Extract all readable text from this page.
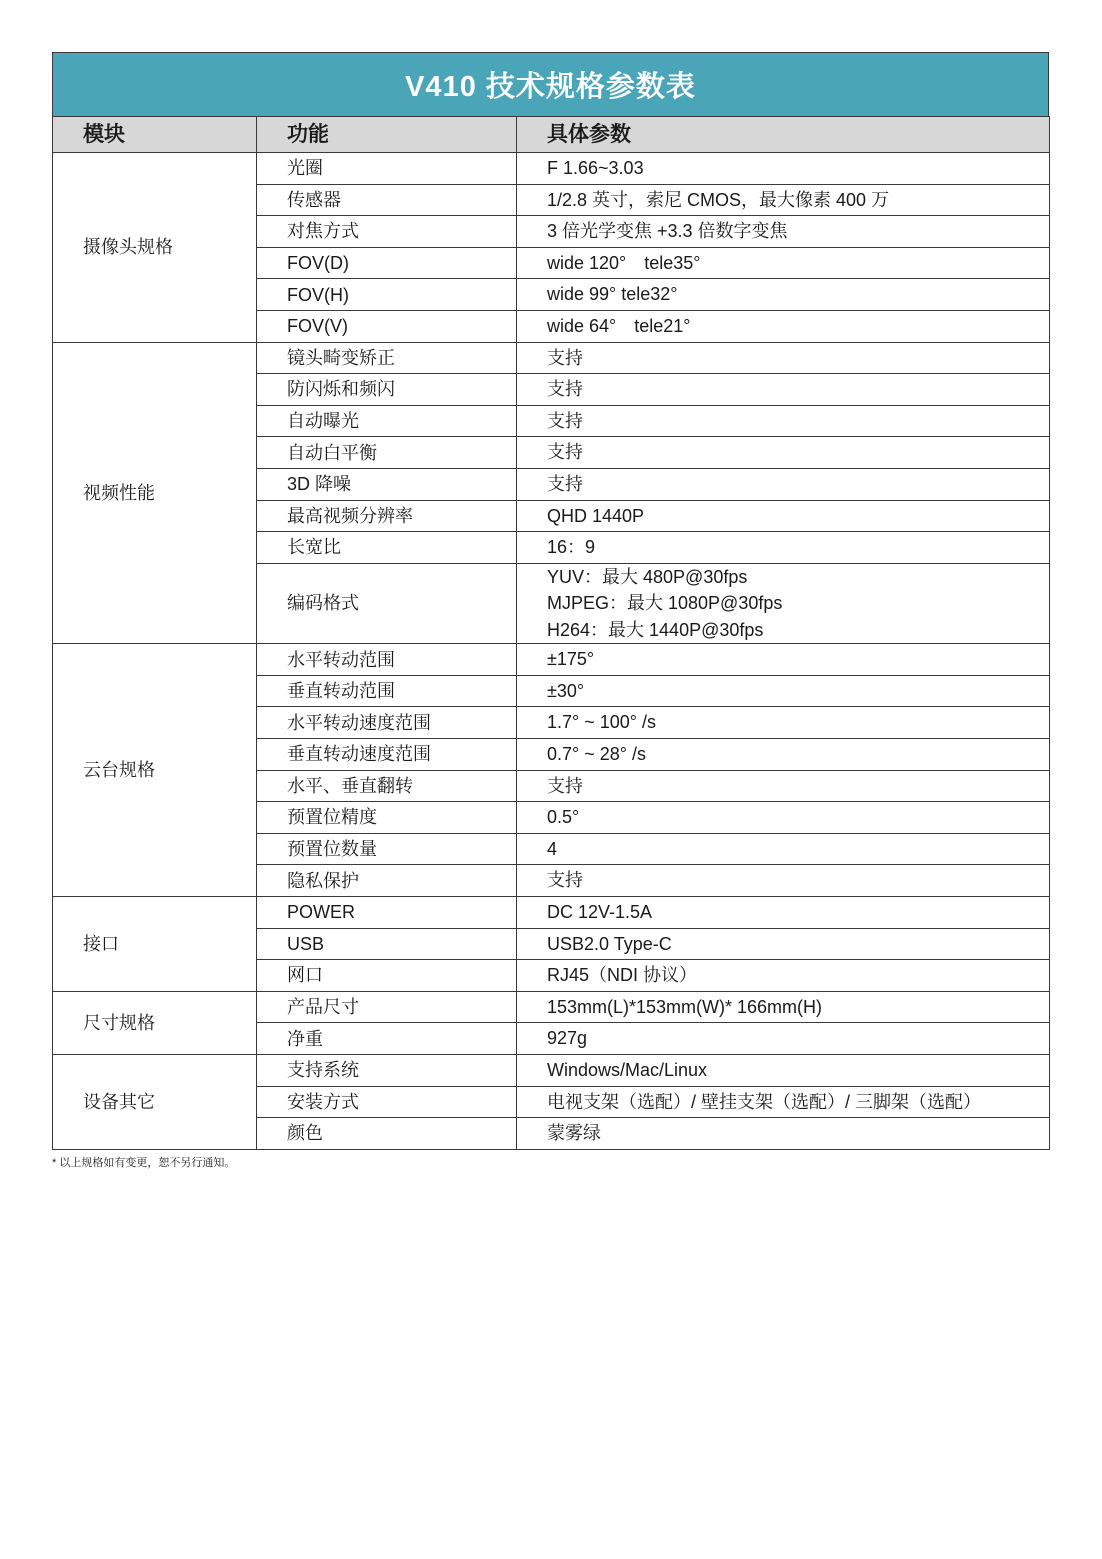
V410 技术规格参数表
模块	功能	具体参数
摄像头规格	光圈	F 1.66~3.03

	传感器	1/2.8 英寸，索尼 CMOS，最大像素 400 万

	对焦方式	3 倍光学变焦 +3.3 倍数字变焦

	FOV(D)	wide 120°　tele35°

	FOV(H)	wide 99° tele32°

	FOV(V)	wide 64°　tele21°

视频性能	镜头畸变矫正	支持

	防闪烁和频闪	支持

	自动曝光	支持

	自动白平衡	支持

	3D 降噪	支持

	最高视频分辨率	QHD 1440P

	长宽比	16：9

	编码格式	YUV：最大 480P@30fps
MJPEG：最大 1080P@30fps
H264：最大 1440P@30fps

云台规格	水平转动范围	±175°

	垂直转动范围	±30°

	水平转动速度范围	1.7° ~ 100° /s

	垂直转动速度范围	0.7° ~ 28° /s

	水平、垂直翻转	支持

	预置位精度	0.5°

	预置位数量	4

	隐私保护	支持

接口	POWER	DC 12V-1.5A

	USB	USB2.0 Type-C

	网口	RJ45（NDI 协议）

尺寸规格	产品尺寸	153mm(L)*153mm(W)* 166mm(H)

	净重	927g

设备其它	支持系统	Windows/Mac/Linux

	安装方式	电视支架（选配）/ 壁挂支架（选配）/ 三脚架（选配）

	颜色	蒙雾绿
* 以上规格如有变更，恕不另行通知。
